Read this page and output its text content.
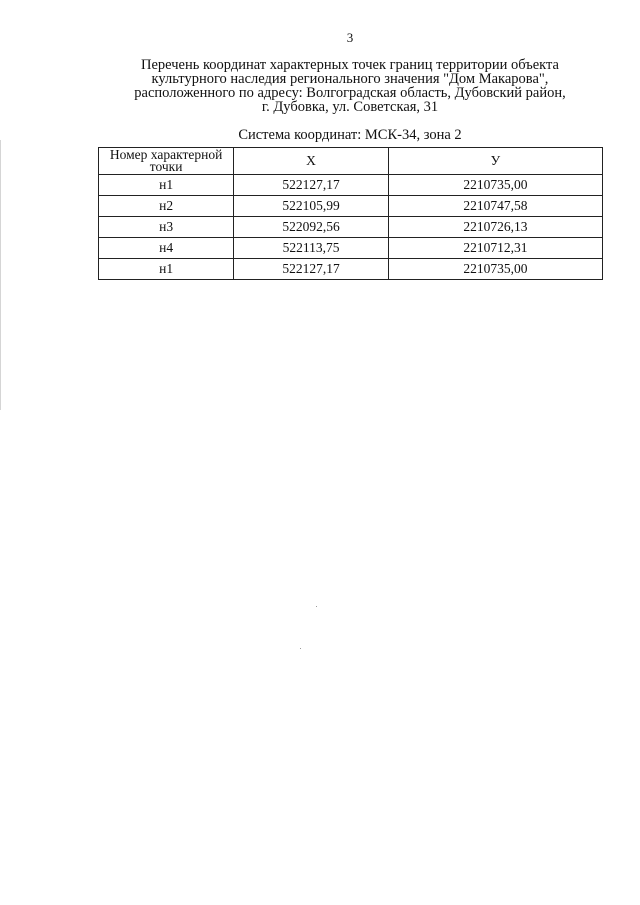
3
Перечень координат характерных точек границ территории объекта
культурного наследия регионального значения "Дом Макарова",
расположенного по адресу: Волгоградская область, Дубовский район,
г. Дубовка, ул. Советская, 31
Система координат: МСК-34, зона 2
Номер характерной точки	X	У
н1	522127,17	2210735,00
н2	522105,99	2210747,58
н3	522092,56	2210726,13
н4	522113,75	2210712,31
н1	522127,17	2210735,00
